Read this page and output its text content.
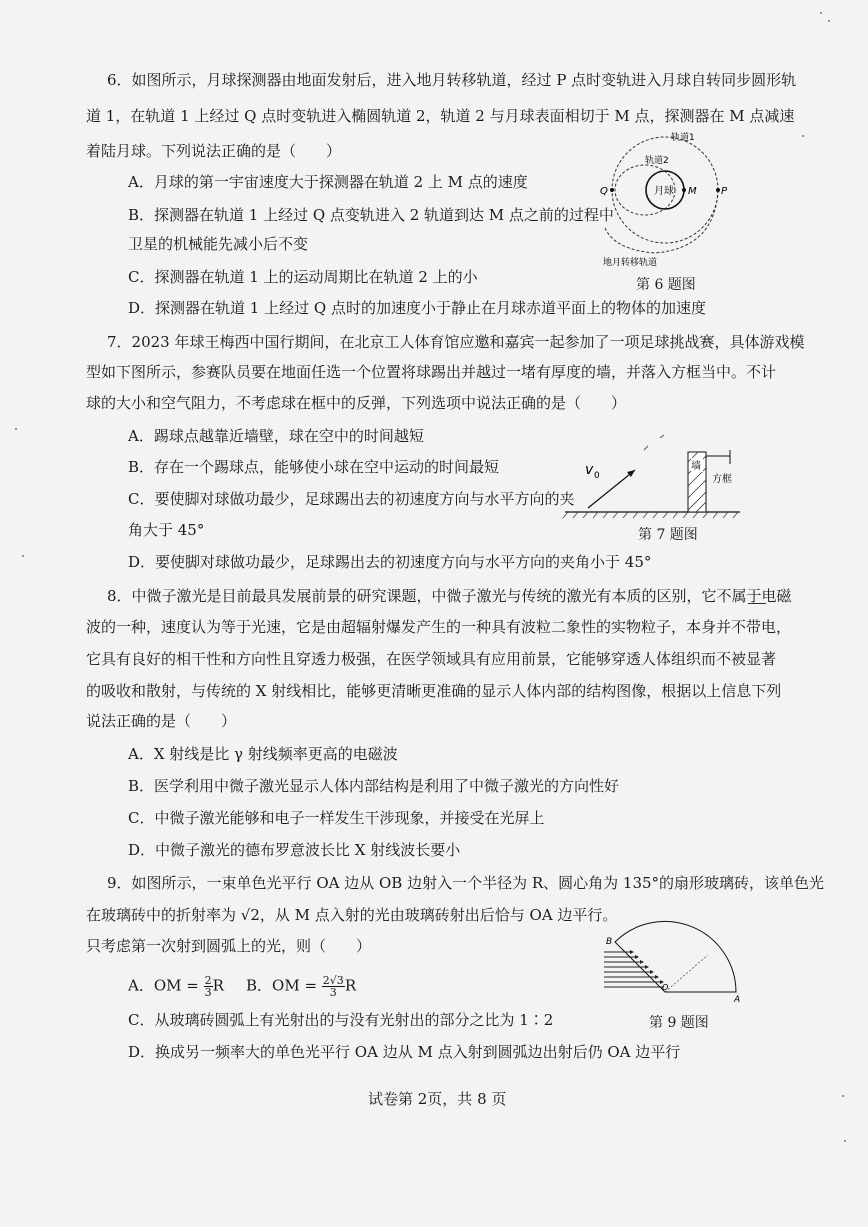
6．如图所示，月球探测器由地面发射后，进入地月转移轨道，经过 P 点时变轨进入月球自转同步圆形轨
道 1，在轨道 1 上经过 Q 点时变轨进入椭圆轨道 2，轨道 2 与月球表面相切于 M 点，探测器在 M 点减速
着陆月球。下列说法正确的是（　　）
A．月球的第一宇宙速度大于探测器在轨道 2 上 M 点的速度
B．探测器在轨道 1 上经过 Q 点变轨进入 2 轨道到达 M 点之前的过程中
卫星的机械能先减小后不变
C．探测器在轨道 1 上的运动周期比在轨道 2 上的小
D．探测器在轨道 1 上经过 Q 点时的加速度小于静止在月球赤道平面上的物体的加速度
轨道1
轨道2
月球
Q	M P
地月转移轨道
第 6 题图
7．2023 年球王梅西中国行期间，在北京工人体育馆应邀和嘉宾一起参加了一项足球挑战赛，具体游戏模
型如下图所示，参赛队员要在地面任选一个位置将球踢出并越过一堵有厚度的墙，并落入方框当中。不计
球的大小和空气阻力，不考虑球在框中的反弹，下列选项中说法正确的是（　　）
A．踢球点越靠近墙壁，球在空中的时间越短
B．存在一个踢球点，能够使小球在空中运动的时间最短
C．要使脚对球做功最少，足球踢出去的初速度方向与水平方向的夹
角大于 45°
D．要使脚对球做功最少，足球踢出去的初速度方向与水平方向的夹角小于 45°
墙
方框
v 0
第 7 题图
8．中微子激光是目前最具发展前景的研究课题，中微子激光与传统的激光有本质的区别，它不属于电磁
波的一种，速度认为等于光速，它是由超辐射爆发产生的一种具有波粒二象性的实物粒子，本身并不带电，
它具有良好的相干性和方向性且穿透力极强，在医学领域具有应用前景，它能够穿透人体组织而不被显著
的吸收和散射，与传统的 X 射线相比，能够更清晰更准确的显示人体内部的结构图像，根据以上信息下列
说法正确的是（　　）
A．X 射线是比 γ 射线频率更高的电磁波
B．医学利用中微子激光显示人体内部结构是利用了中微子激光的方向性好
C．中微子激光能够和电子一样发生干涉现象，并接受在光屏上
D．中微子激光的德布罗意波长比 X 射线波长要小
9．如图所示，一束单色光平行 OA 边从 OB 边射入一个半径为 R、圆心角为 135°的扇形玻璃砖，该单色光
在玻璃砖中的折射率为 √2，从 M 点入射的光由玻璃砖射出后恰与 OA 边平行。
只考虑第一次射到圆弧上的光，则（　　）
A．OM = $\frac{2}{3}$ R B．OM = $\frac{2√3}{3}$ R
C．从玻璃砖圆弧上有光射出的与没有光射出的部分之比为 1∶2
D．换成另一频率大的单色光平行 OA 边从 M 点入射到圆弧边出射后仍 OA 边平行
B
O
A
第 9 题图
试卷第 2页，共 8 页
